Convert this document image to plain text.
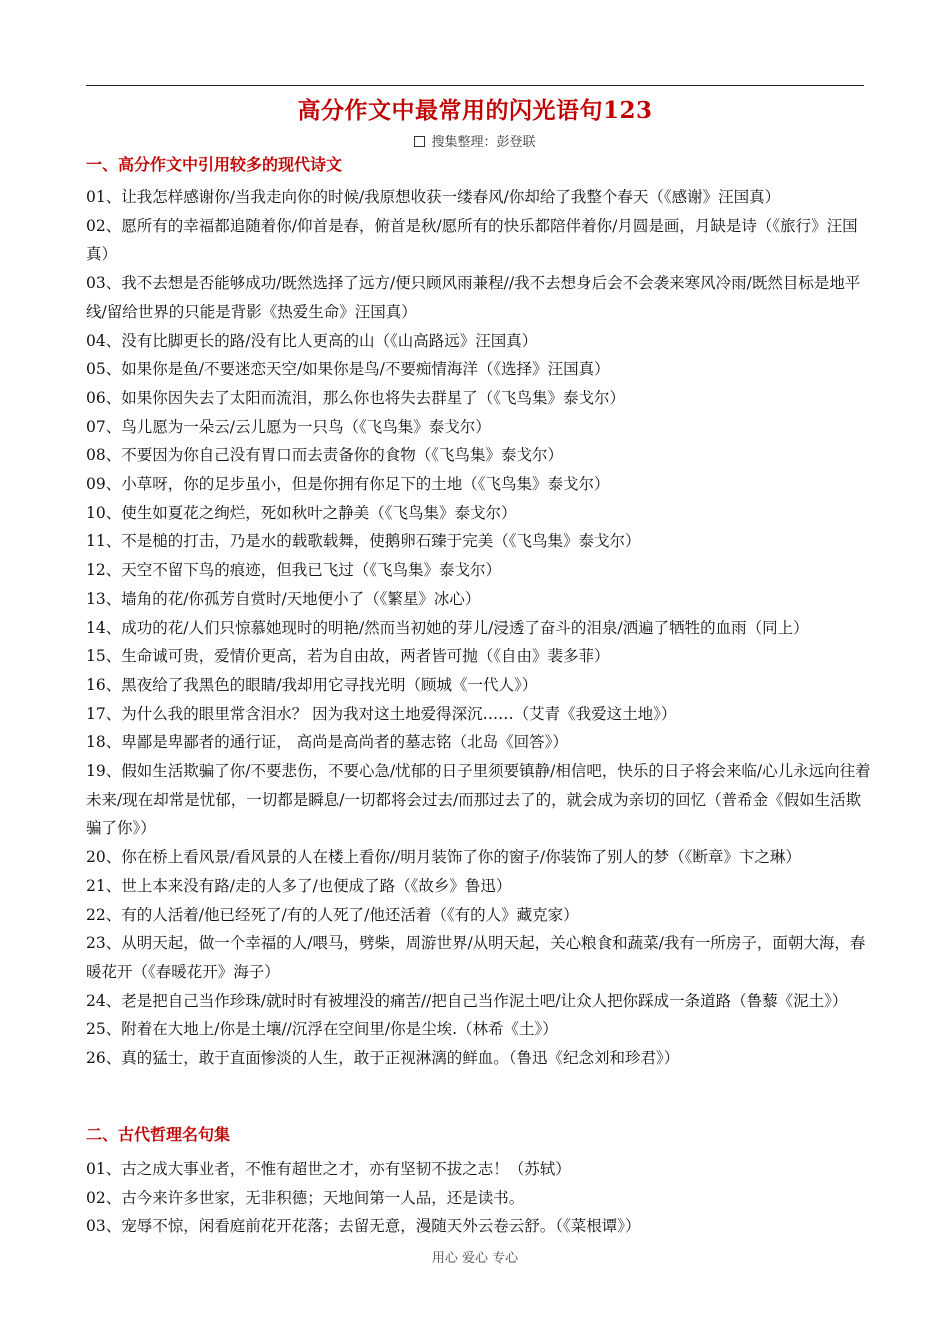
高分作文中最常用的闪光语句123
搜集整理：彭登联
一、高分作文中引用较多的现代诗文
01、让我怎样感谢你/当我走向你的时候/我原想收获一缕春风/你却给了我整个春天（《感谢》汪国真）
02、愿所有的幸福都追随着你/仰首是春，俯首是秋/愿所有的快乐都陪伴着你/月圆是画，月缺是诗（《旅行》汪国真）
03、我不去想是否能够成功/既然选择了远方/便只顾风雨兼程//我不去想身后会不会袭来寒风冷雨/既然目标是地平线/留给世界的只能是背影《热爱生命》汪国真）
04、没有比脚更长的路/没有比人更高的山（《山高路远》汪国真）
05、如果你是鱼/不要迷恋天空/如果你是鸟/不要痴情海洋（《选择》汪国真）
06、如果你因失去了太阳而流泪，那么你也将失去群星了（《飞鸟集》泰戈尔）
07、鸟儿愿为一朵云/云儿愿为一只鸟（《飞鸟集》泰戈尔）
08、不要因为你自己没有胃口而去责备你的食物（《飞鸟集》泰戈尔）
09、小草呀，你的足步虽小，但是你拥有你足下的土地（《飞鸟集》泰戈尔）
10、使生如夏花之绚烂，死如秋叶之静美（《飞鸟集》泰戈尔）
11、不是槌的打击，乃是水的载歌载舞，使鹅卵石臻于完美（《飞鸟集》泰戈尔）
12、天空不留下鸟的痕迹，但我已飞过（《飞鸟集》泰戈尔）
13、墙角的花/你孤芳自赏时/天地便小了（《繁星》冰心）
14、成功的花/人们只惊慕她现时的明艳/然而当初她的芽儿/浸透了奋斗的泪泉/洒遍了牺牲的血雨（同上）
15、生命诚可贵，爱情价更高，若为自由故，两者皆可抛（《自由》裴多菲）
16、黑夜给了我黑色的眼睛/我却用它寻找光明（顾城《一代人》）
17、为什么我的眼里常含泪水？ 因为我对这土地爱得深沉……（艾青《我爱这土地》）
18、卑鄙是卑鄙者的通行证， 高尚是高尚者的墓志铭（北岛《回答》）
19、假如生活欺骗了你/不要悲伤，不要心急/忧郁的日子里须要镇静/相信吧，快乐的日子将会来临/心儿永远向往着未来/现在却常是忧郁，一切都是瞬息/一切都将会过去/而那过去了的，就会成为亲切的回忆（普希金《假如生活欺骗了你》）
20、你在桥上看风景/看风景的人在楼上看你//明月装饰了你的窗子/你装饰了别人的梦（《断章》卞之琳）
21、世上本来没有路/走的人多了/也便成了路（《故乡》鲁迅）
22、有的人活着/他已经死了/有的人死了/他还活着（《有的人》藏克家）
23、从明天起，做一个幸福的人/喂马，劈柴，周游世界/从明天起，关心粮食和蔬菜/我有一所房子，面朝大海，春暖花开（《春暖花开》海子）
24、老是把自己当作珍珠/就时时有被埋没的痛苦//把自己当作泥土吧/让众人把你踩成一条道路（鲁藜《泥土》）
25、附着在大地上/你是土壤//沉浮在空间里/你是尘埃.（林希《土》）
26、真的猛士，敢于直面惨淡的人生，敢于正视淋漓的鲜血。（鲁迅《纪念刘和珍君》）
二、古代哲理名句集
01、古之成大事业者，不惟有超世之才，亦有坚韧不拔之志！（苏轼）
02、古今来许多世家，无非积德；天地间第一人品，还是读书。
03、宠辱不惊，闲看庭前花开花落；去留无意，漫随天外云卷云舒。（《菜根谭》）
用心 爱心 专心
